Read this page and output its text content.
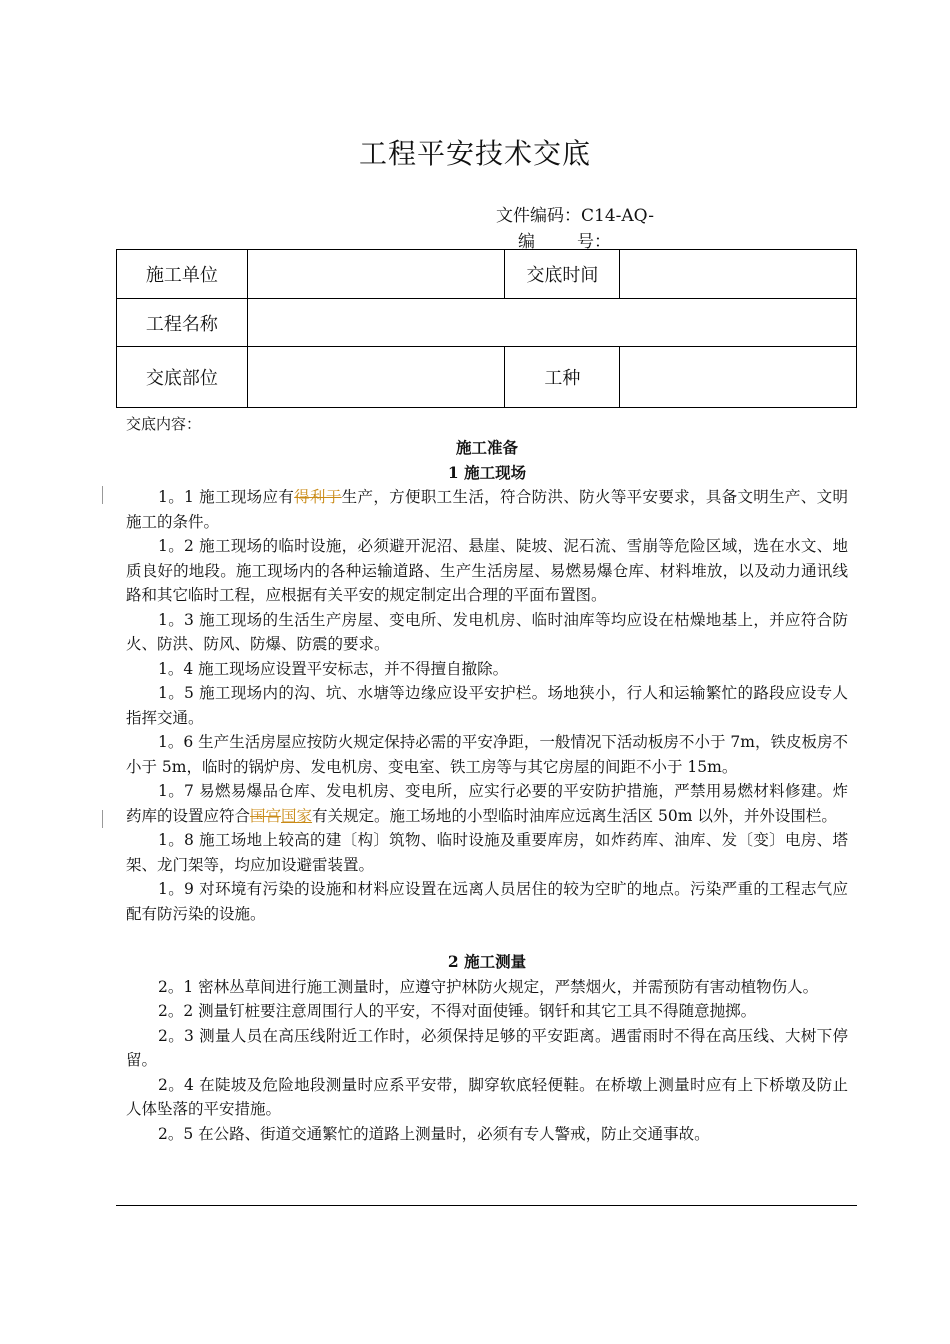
工程平安技术交底
文件编码：C14-AQ-
编 号：
施工单位		交底时间	
工程名称			
交底部位		工种	
交底内容：
施工准备
1 施工现场
1。1 施工现场应有得利于生产，方便职工生活，符合防洪、防火等平安要求，具备文明生产、文明施工的条件。
1。2 施工现场的临时设施，必须避开泥沼、悬崖、陡坡、泥石流、雪崩等危险区域，选在水文、地质良好的地段。施工现场内的各种运输道路、生产生活房屋、易燃易爆仓库、材料堆放，以及动力通讯线路和其它临时工程，应根据有关平安的规定制定出合理的平面布置图。
1。3 施工现场的生活生产房屋、变电所、发电机房、临时油库等均应设在枯燥地基上，并应符合防火、防洪、防风、防爆、防震的要求。
1。4 施工现场应设置平安标志，并不得擅自撤除。
1。5 施工现场内的沟、坑、水塘等边缘应设平安护栏。场地狭小，行人和运输繁忙的路段应设专人指挥交通。
1。6 生产生活房屋应按防火规定保持必需的平安净距，一般情况下活动板房不小于 7m，铁皮板房不小于 5m，临时的锅炉房、发电机房、变电室、铁工房等与其它房屋的间距不小于 15m。
1。7 易燃易爆品仓库、发电机房、变电所，应实行必要的平安防护措施，严禁用易燃材料修建。炸药库的设置应符合国宫国家有关规定。施工场地的小型临时油库应远离生活区 50m 以外，并外设围栏。
1。8 施工场地上较高的建〔构〕筑物、临时设施及重要库房，如炸药库、油库、发〔变〕电房、塔架、龙门架等，均应加设避雷装置。
1。9 对环境有污染的设施和材料应设置在远离人员居住的较为空旷的地点。污染严重的工程志气应配有防污染的设施。
2 施工测量
2。1 密林丛草间进行施工测量时，应遵守护林防火规定，严禁烟火，并需预防有害动植物伤人。
2。2 测量钉桩要注意周围行人的平安，不得对面使锤。钢钎和其它工具不得随意抛掷。
2。3 测量人员在高压线附近工作时，必须保持足够的平安距离。遇雷雨时不得在高压线、大树下停留。
2。4 在陡坡及危险地段测量时应系平安带，脚穿软底轻便鞋。在桥墩上测量时应有上下桥墩及防止人体坠落的平安措施。
2。5 在公路、街道交通繁忙的道路上测量时，必须有专人警戒，防止交通事故。
